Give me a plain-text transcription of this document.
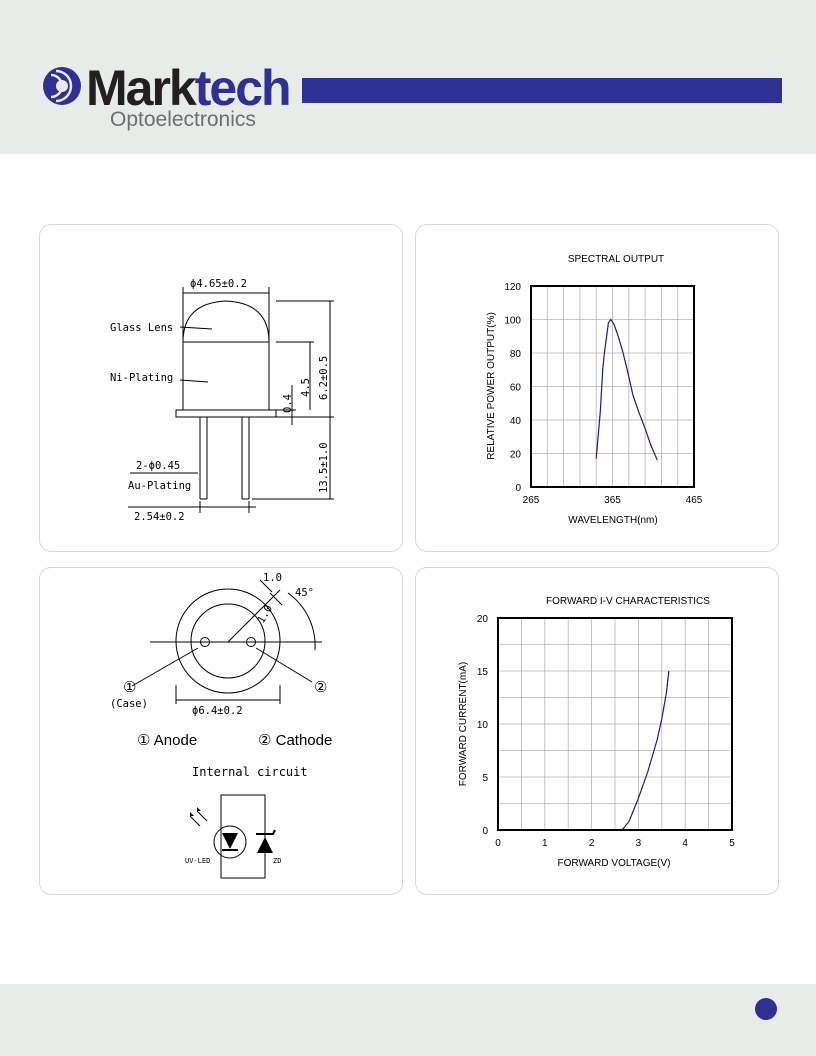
Marktech
Optoelectronics
ϕ4.65±0.2
Glass Lens
Ni-Plating
2-ϕ0.45
Au-Plating
2.54±0.2
0.4
4.5 6.2±0.5
13.5±1.0
SPECTRAL OUTPUT
RELATIVE POWER OUTPUT(%)
WAVELENGTH(nm)
265	365	465
0
20
40
60
80
100
120
1.0
1.0
45°
ϕ6.4±0.2
(Case)
Internal circuit
UV-LED	ZD
①	②
① Anode	② Cathode
FORWARD I-V CHARACTERISTICS
FORWARD CURRENT(mA)
FORWARD VOLTAGE(V)
0	1	2	3	4	5
0
5
10
15
20
